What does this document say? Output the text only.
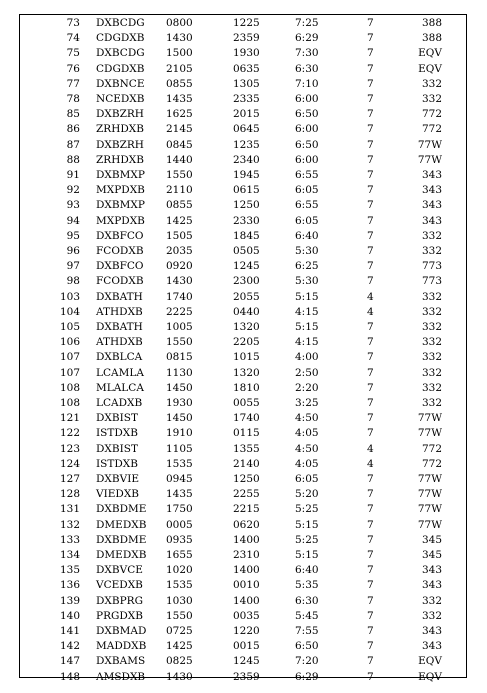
73 DXBCDG 0800	1225	7:25	7	388
74 CDGDXB 1430	2359	6:29	7	388
75 DXBCDG 1500	1930	7:30	7	EQV
76 CDGDXB 2105	0635	6:30	7	EQV
77 DXBNCE 0855	1305	7:10	7	332
78 NCEDXB 1435	2335	6:00	7	332
85 DXBZRH 1625	2015	6:50	7	772
86 ZRHDXB 2145	0645	6:00	7	772
87 DXBZRH 0845	1235	6:50	7	77W
88 ZRHDXB 1440	2340	6:00	7	77W
91 DXBMXP 1550	1945	6:55	7	343
92 MXPDXB 2110	0615	6:05	7	343
93 DXBMXP 0855	1250	6:55	7	343
94 MXPDXB 1425	2330	6:05	7	343
95 DXBFCO 1505	1845	6:40	7	332
96 FCODXB 2035	0505	5:30	7	332
97 DXBFCO 0920	1245	6:25	7	773
98 FCODXB 1430	2300	5:30	7	773
103 DXBATH 1740	2055	5:15	4	332
104 ATHDXB 2225	0440	4:15	4	332
105 DXBATH 1005	1320	5:15	7	332
106 ATHDXB 1550	2205	4:15	7	332
107 DXBLCA 0815	1015	4:00	7	332
107 LCAMLA 1130	1320	2:50	7	332
108 MLALCA 1450	1810	2:20	7	332
108 LCADXB 1930	0055	3:25	7	332
121 DXBIST	1450	1740	4:50	7	77W
122 ISTDXB	1910	0115	4:05	7	77W
123 DXBIST	1105	1355	4:50	4	772
124 ISTDXB	1535	2140	4:05	4	772
127 DXBVIE	0945	1250	6:05	7	77W
128 VIEDXB	1435	2255	5:20	7	77W
131 DXBDME 1750	2215	5:25	7	77W
132 DMEDXB 0005	0620	5:15	7	77W
133 DXBDME 0935	1400	5:25	7	345
134 DMEDXB 1655	2310	5:15	7	345
135 DXBVCE 1020	1400	6:40	7	343
136 VCEDXB 1535	0010	5:35	7	343
139 DXBPRG 1030	1400	6:30	7	332
140 PRGDXB 1550	0035	5:45	7	332
141 DXBMAD 0725	1220	7:55	7	343
142 MADDXB 1425	0015	6:50	7	343
147 DXBAMS 0825	1245	7:20	7	EQV
148 AMSDXB 1430	2359	6:29	7	EQV
